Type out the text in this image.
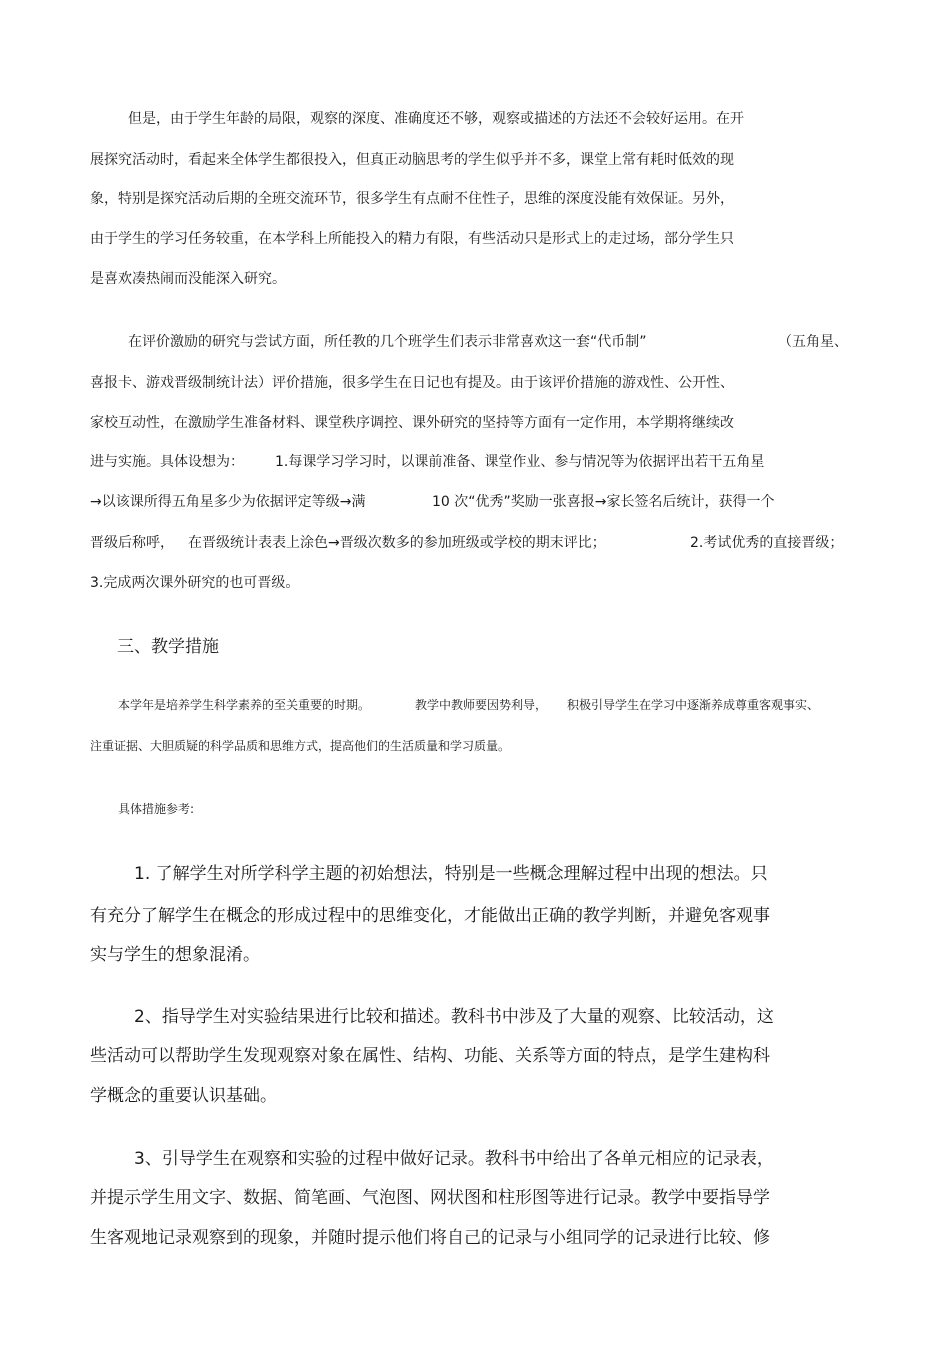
但是，由于学生年龄的局限，观察的深度、准确度还不够，观察或描述的方法还不会较好运用。在开

展探究活动时，看起来全体学生都很投入，但真正动脑思考的学生似乎并不多，课堂上常有耗时低效的现

象，特别是探究活动后期的全班交流环节，很多学生有点耐不住性子，思维的深度没能有效保证。另外，

由于学生的学习任务较重，在本学科上所能投入的精力有限，有些活动只是形式上的走过场，部分学生只

是喜欢凑热闹而没能深入研究。

在评价激励的研究与尝试方面，所任教的几个班学生们表示非常喜欢这一套“代币制”	（五角星、

喜报卡、游戏晋级制统计法）评价措施，很多学生在日记也有提及。由于该评价措施的游戏性、公开性、

家校互动性，在激励学生准备材料、课堂秩序调控、课外研究的坚持等方面有一定作用，本学期将继续改

进与实施。具体设想为： 1.每课学习学习时，以课前准备、课堂作业、参与情况等为依据评出若干五角星

→以该课所得五角星多少为依据评定等级→满	10 次“优秀”奖励一张喜报→家长签名后统计，获得一个

晋级后称呼， 在晋级统计表表上涂色→晋级次数多的参加班级或学校的期末评比；	2.考试优秀的直接晋级；

3.完成两次课外研究的也可晋级。

三、教学措施

本学年是培养学生科学素养的至关重要的时期。	教学中教师要因势利导， 积极引导学生在学习中逐渐养成尊重客观事实、

注重证据、大胆质疑的科学品质和思维方式，提高他们的生活质量和学习质量。

具体措施参考:

1. 了解学生对所学科学主题的初始想法，特别是一些概念理解过程中出现的想法。只

有充分了解学生在概念的形成过程中的思维变化，才能做出正确的教学判断，并避免客观事

实与学生的想象混淆。

2、指导学生对实验结果进行比较和描述。教科书中涉及了大量的观察、比较活动，这

些活动可以帮助学生发现观察对象在属性、结构、功能、关系等方面的特点，是学生建构科

学概念的重要认识基础。

3、引导学生在观察和实验的过程中做好记录。教科书中给出了各单元相应的记录表，

并提示学生用文字、数据、简笔画、气泡图、网状图和柱形图等进行记录。教学中要指导学

生客观地记录观察到的现象，并随时提示他们将自己的记录与小组同学的记录进行比较、修
